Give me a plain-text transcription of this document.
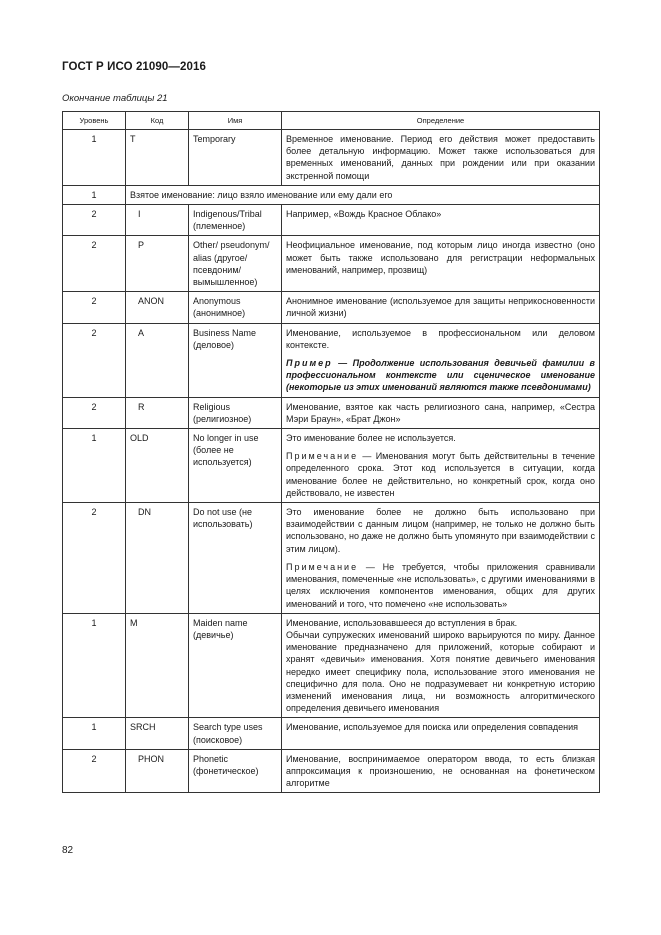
ГОСТ Р ИСО 21090—2016
Окончание таблицы 21
Уровень	Код	Имя	Определение
1	T	Temporary	Временное именование. Период его действия может предоставить более детальную информацию. Может также использоваться для временных именований, данных при рождении или при оказании экстренной помощи

1	Взятое именование: лицо взяло именование или ему дали его		
2	I	Indigenous/Tribal (племенное)	Например, «Вождь Красное Облако»

2	P	Other/ pseudonym/ alias (другое/ псевдоним/ вымышленное)	Неофициальное именование, под которым лицо иногда известно (оно может быть также использовано для регистрации неформальных именований, например, прозвищ)

2	ANON	Anonymous (анонимное)	Анонимное именование (используемое для защиты неприкосновенности личной жизни)

2	A	Business Name (деловое)	Именование, используемое в профессиональном или деловом контексте.

Пример — Продолжение использования девичьей фамилии в профессиональном контексте или сценическое именование (некоторые из этих именований являются также псевдонимами)

2	R	Religious (религиозное)	Именование, взятое как часть религиозного сана, например, «Сестра Мэри Браун», «Брат Джон»

1	OLD	No longer in use (более не используется)	Это именование более не используется.

Примечание — Именования могут быть действительны в течение определенного срока. Этот код используется в ситуации, когда именование более не действительно, но конкретный срок, когда оно действовало, не известен

2	DN	Do not use (не использовать)	Это именование более не должно быть использовано при взаимодействии с данным лицом (например, не только не должно быть использовано, но даже не должно быть упомянуто при взаимодействии с этим лицом).

Примечание — Не требуется, чтобы приложения сравнивали именования, помеченные «не использовать», с другими именованиями в целях исключения компонентов именования, общих для других именований и того, что помечено «не использовать»

1	M	Maiden name (девичье)	Именование, использовавшееся до вступления в брак.

Обычаи супружеских именований широко варьируются по миру. Данное именование предназначено для приложений, которые собирают и хранят «девичьи» именования. Хотя понятие девичьего именования нередко имеет специфику пола, использование этого именования не специфично для пола. Оно не подразумевает ни конкретную историю изменений именования лица, ни возможность алгоритмического определения девичьего именования

1	SRCH	Search type uses (поисковое)	Именование, используемое для поиска или определения совпадения

2	PHON	Phonetic (фонетическое)	Именование, воспринимаемое оператором ввода, то есть близкая аппроксимация к произношению, не основанная на фонетическом алгоритме

82
